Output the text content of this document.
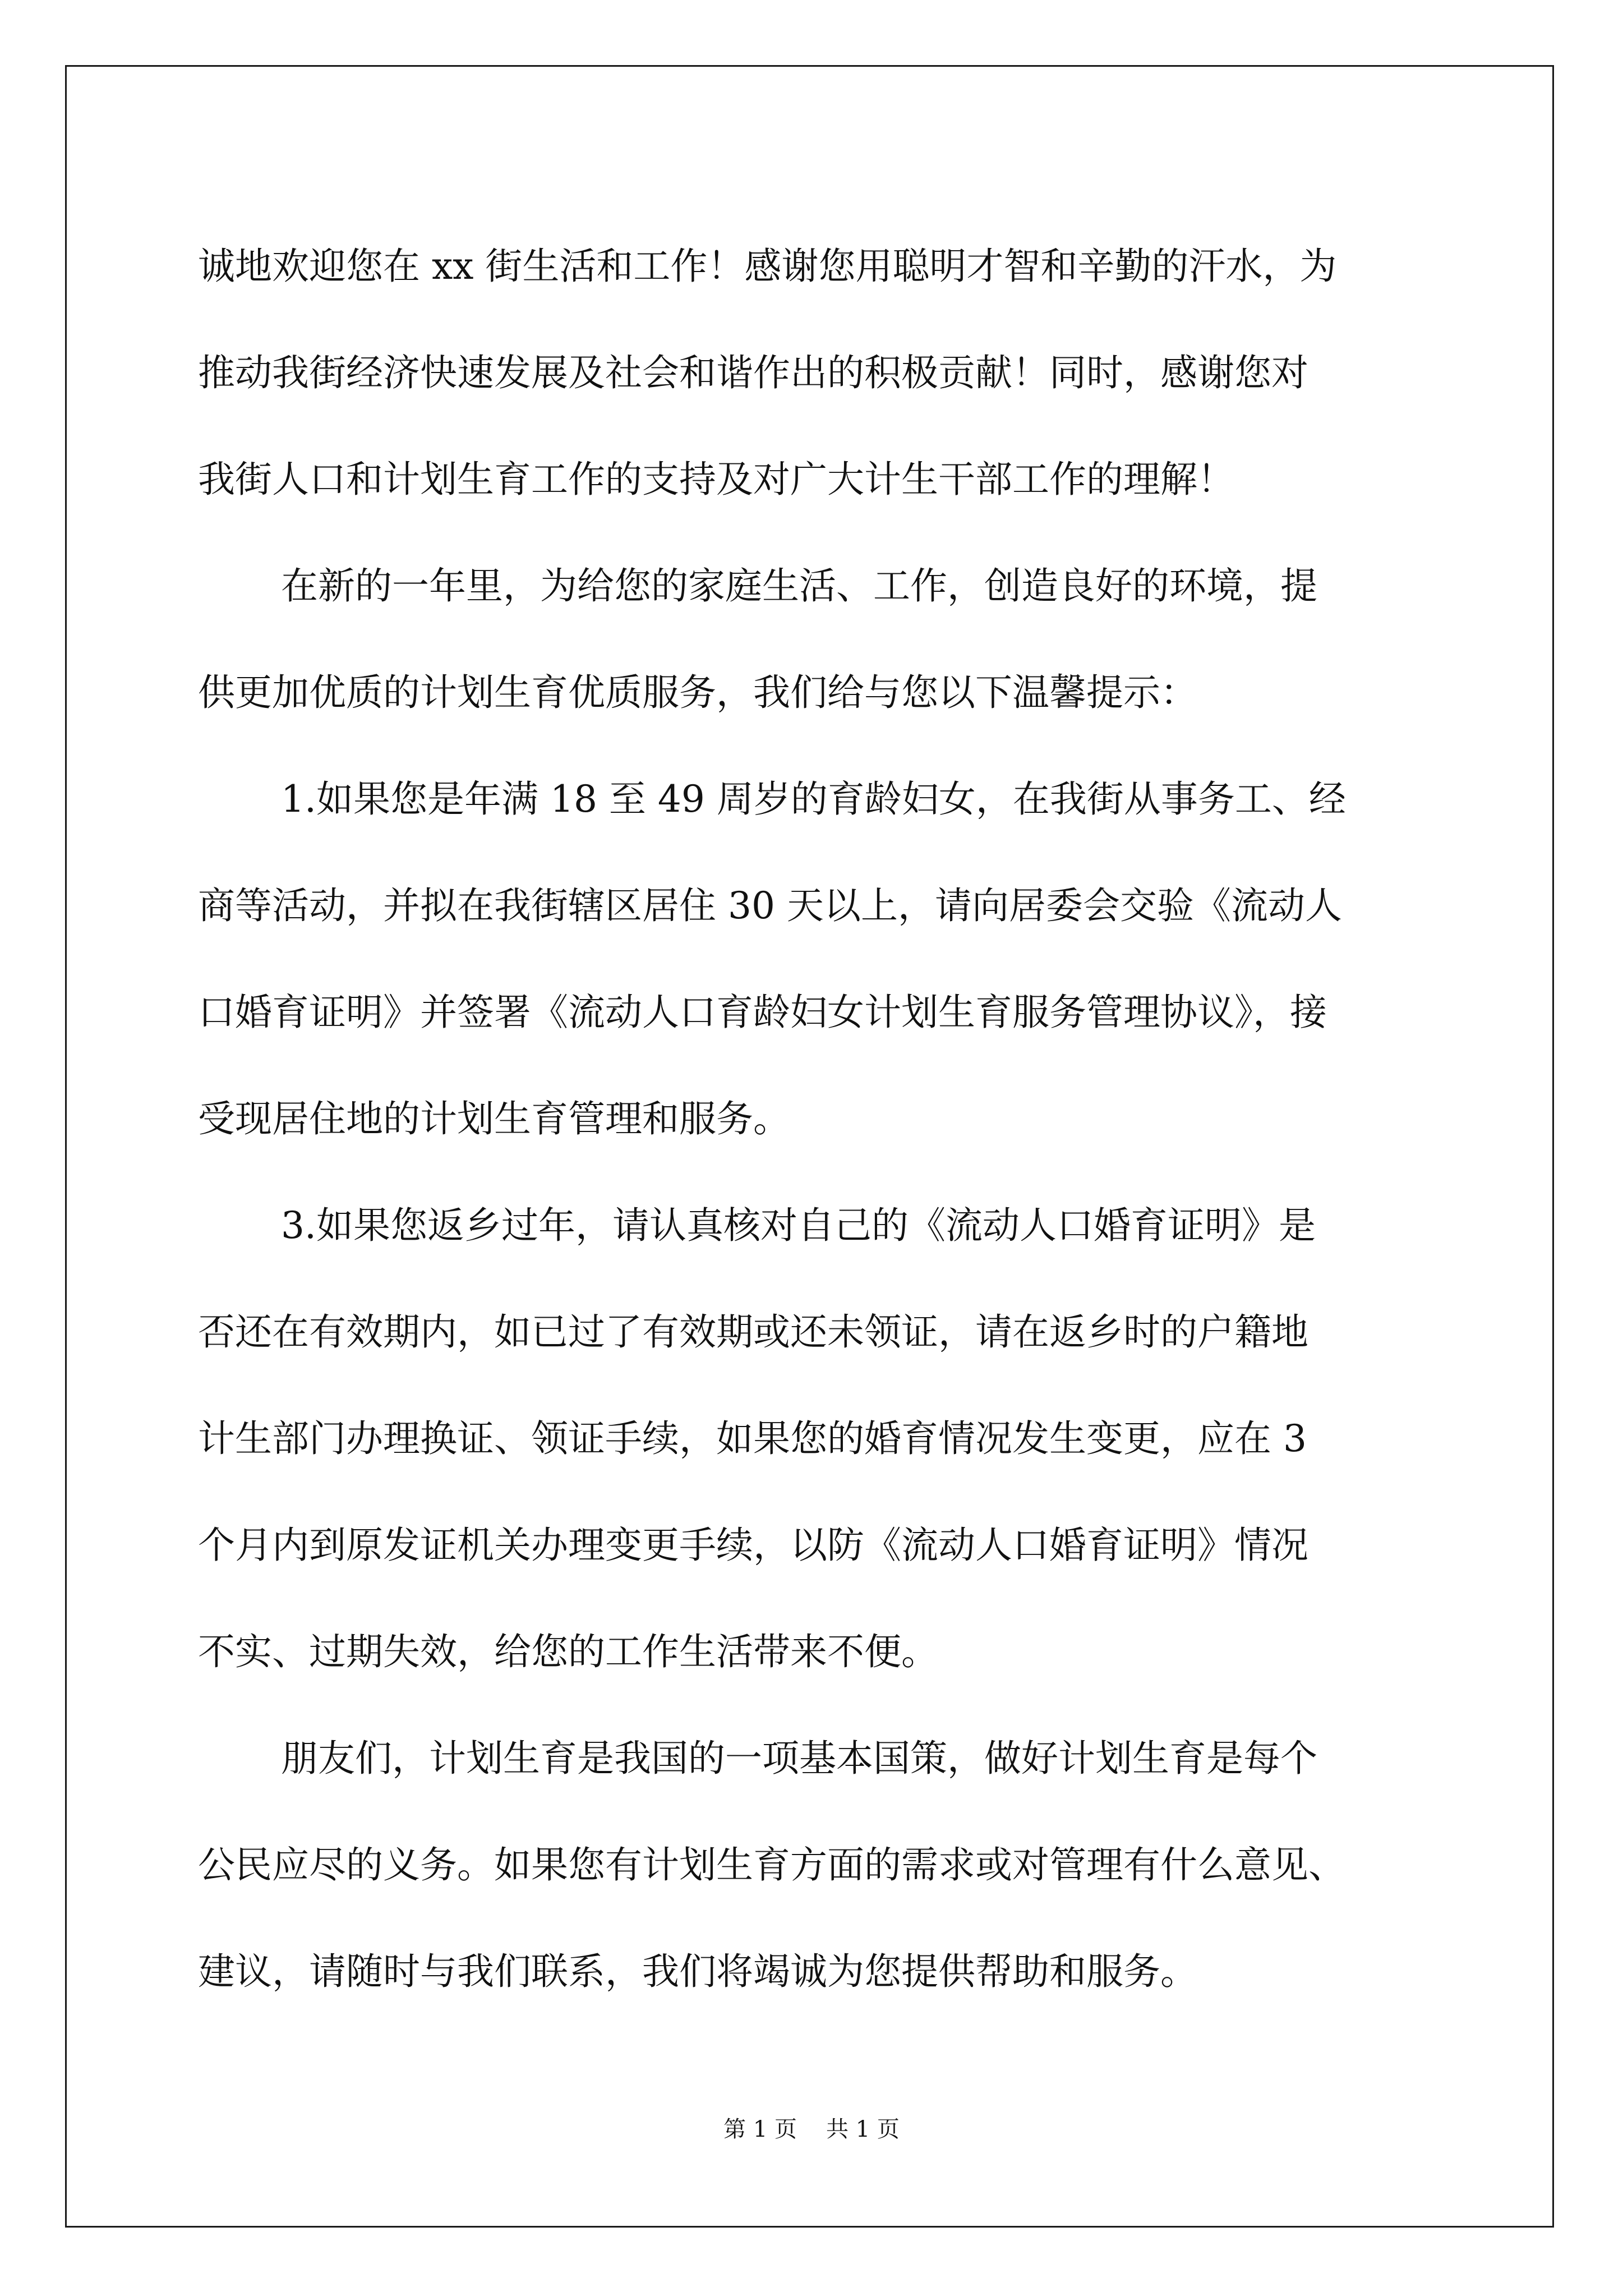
诚地欢迎您在 xx 街生活和工作！感谢您用聪明才智和辛勤的汗水，为
推动我街经济快速发展及社会和谐作出的积极贡献！同时，感谢您对
我街人口和计划生育工作的支持及对广大计生干部工作的理解！
在新的一年里，为给您的家庭生活、工作，创造良好的环境，提
供更加优质的计划生育优质服务，我们给与您以下温馨提示：
1.如果您是年满 18 至 49 周岁的育龄妇女，在我街从事务工、经
商等活动，并拟在我街辖区居住 30 天以上，请向居委会交验《流动人
口婚育证明》并签署《流动人口育龄妇女计划生育服务管理协议》，接
受现居住地的计划生育管理和服务。
3.如果您返乡过年，请认真核对自己的《流动人口婚育证明》是
否还在有效期内，如已过了有效期或还未领证，请在返乡时的户籍地
计生部门办理换证、领证手续，如果您的婚育情况发生变更，应在 3
个月内到原发证机关办理变更手续，以防《流动人口婚育证明》情况
不实、过期失效，给您的工作生活带来不便。
朋友们，计划生育是我国的一项基本国策，做好计划生育是每个
公民应尽的义务。如果您有计划生育方面的需求或对管理有什么意见、
建议，请随时与我们联系，我们将竭诚为您提供帮助和服务。
第 1 页 共 1 页
